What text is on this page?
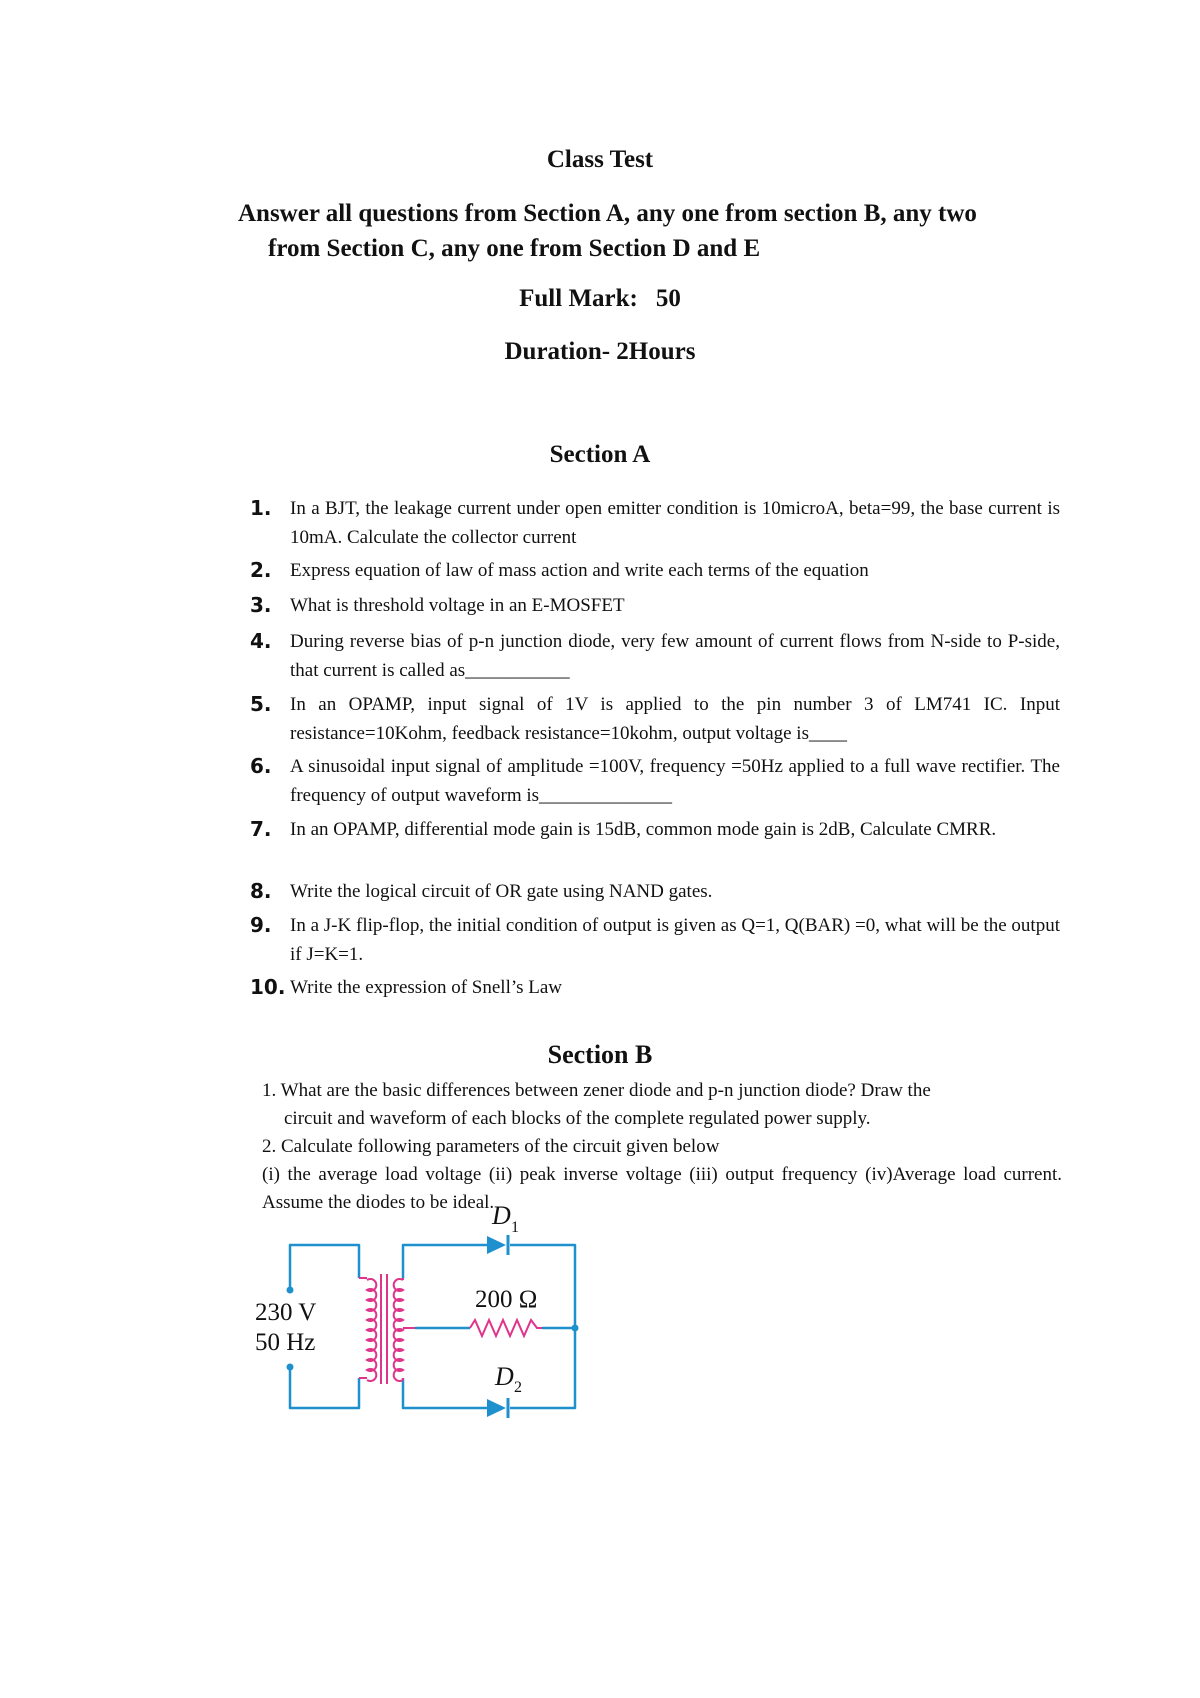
Class Test
Answer all questions from Section A, any one from section B, any two
from Section C, any one from Section D and E
Full Mark: 50
Duration- 2Hours
Section A
1. In a BJT, the leakage current under open emitter condition is 10microA, beta=99, the base current is 10mA. Calculate the collector current
2. Express equation of law of mass action and write each terms of the equation
3. What is threshold voltage in an E-MOSFET
4. During reverse bias of p-n junction diode, very few amount of current flows from N-side to P-side, that current is called as___________
5. In an OPAMP, input signal of 1V is applied to the pin number 3 of LM741 IC. Input resistance=10Kohm, feedback resistance=10kohm, output voltage is____
6. A sinusoidal input signal of amplitude =100V, frequency =50Hz applied to a full wave rectifier. The frequency of output waveform is______________
7. In an OPAMP, differential mode gain is 15dB, common mode gain is 2dB, Calculate CMRR.
8. Write the logical circuit of OR gate using NAND gates.
9. In a J-K flip-flop, the initial condition of output is given as Q=1, Q(BAR) =0, what will be the output if J=K=1.
10. Write the expression of Snell’s Law
Section B
1. What are the basic differences between zener diode and p-n junction diode? Draw the
circuit and waveform of each blocks of the complete regulated power supply.
2. Calculate following parameters of the circuit given below
(i) the average load voltage (ii) peak inverse voltage (iii) output frequency (iv)Average load current. Assume the diodes to be ideal.
230 V
50 Hz
200 Ω
D 1
D 2
